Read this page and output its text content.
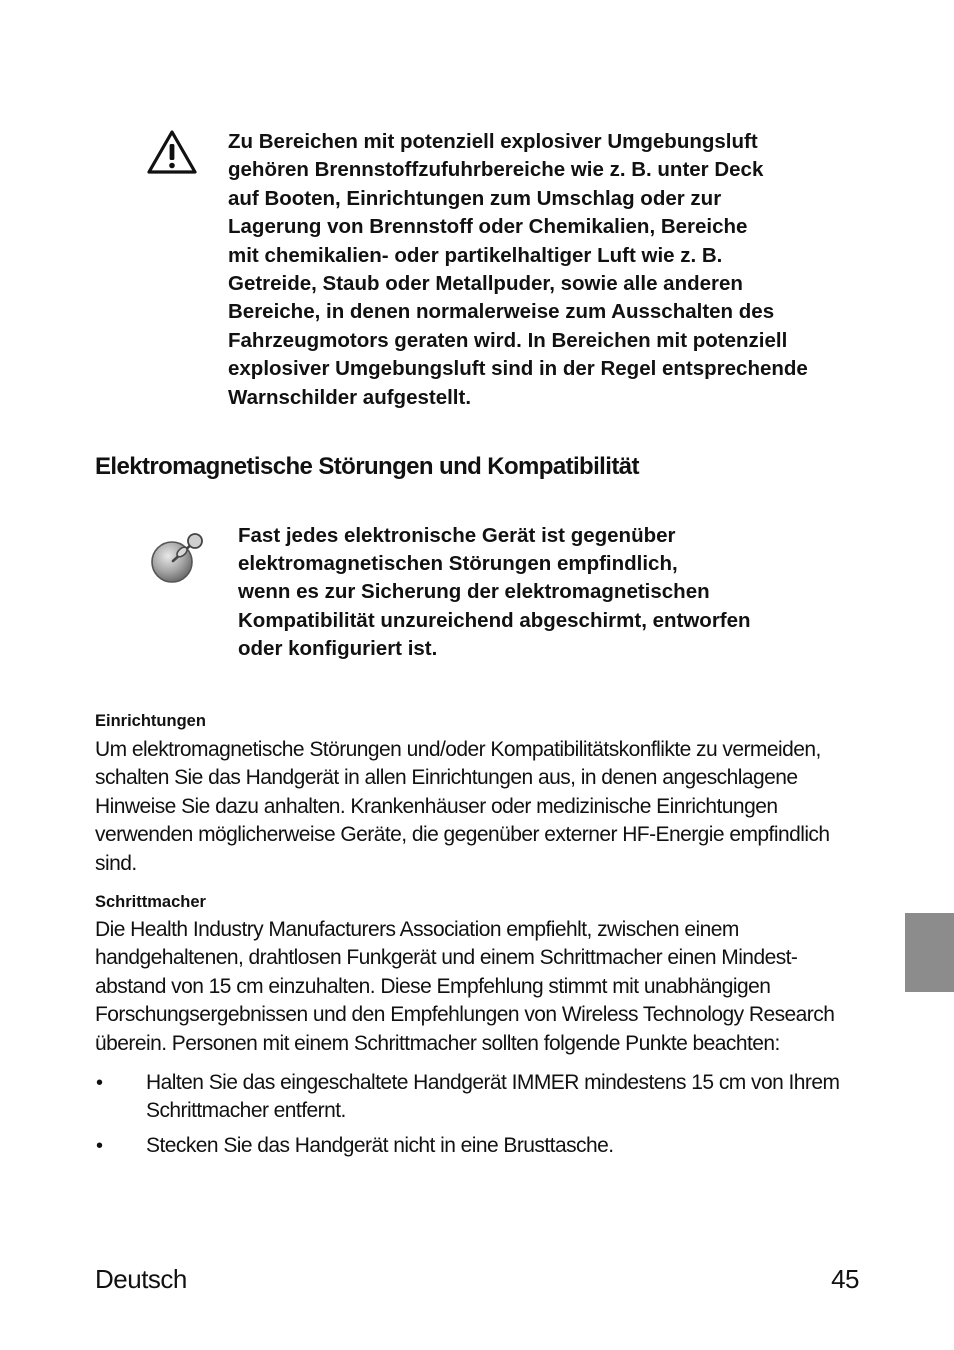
Zu Bereichen mit potenziell explosiver Umgebungsluft
gehören Brennstoffzufuhrbereiche wie z. B. unter Deck
auf Booten, Einrichtungen zum Umschlag oder zur
Lagerung von Brennstoff oder Chemikalien, Bereiche
mit chemikalien- oder partikelhaltiger Luft wie z. B.
Getreide, Staub oder Metallpuder, sowie alle anderen
Bereiche, in denen normalerweise zum Ausschalten des
Fahrzeugmotors geraten wird. In Bereichen mit potenziell
explosiver Umgebungsluft sind in der Regel entsprechende
Warnschilder aufgestellt.
Elektromagnetische Störungen und Kompatibilität
Fast jedes elektronische Gerät ist gegenüber
elektromagnetischen Störungen empfindlich,
wenn es zur Sicherung der elektromagnetischen
Kompatibilität unzureichend abgeschirmt, entworfen
oder konfiguriert ist.
Einrichtungen
Um elektromagnetische Störungen und/oder Kompatibilitätskonflikte zu vermeiden,
schalten Sie das Handgerät in allen Einrichtungen aus, in denen angeschlagene
Hinweise Sie dazu anhalten. Krankenhäuser oder medizinische Einrichtungen
verwenden möglicherweise Geräte, die gegenüber externer HF-Energie empfindlich
sind.
Schrittmacher
Die Health Industry Manufacturers Association empfiehlt, zwischen einem
handgehaltenen, drahtlosen Funkgerät und einem Schrittmacher einen Mindest-
abstand von 15 cm einzuhalten. Diese Empfehlung stimmt mit unabhängigen
Forschungsergebnissen und den Empfehlungen von Wireless Technology Research
überein. Personen mit einem Schrittmacher sollten folgende Punkte beachten:
• Halten Sie das eingeschaltete Handgerät IMMER mindestens 15 cm von Ihrem
Schrittmacher entfernt.
• Stecken Sie das Handgerät nicht in eine Brusttasche.
Deutsch	45
